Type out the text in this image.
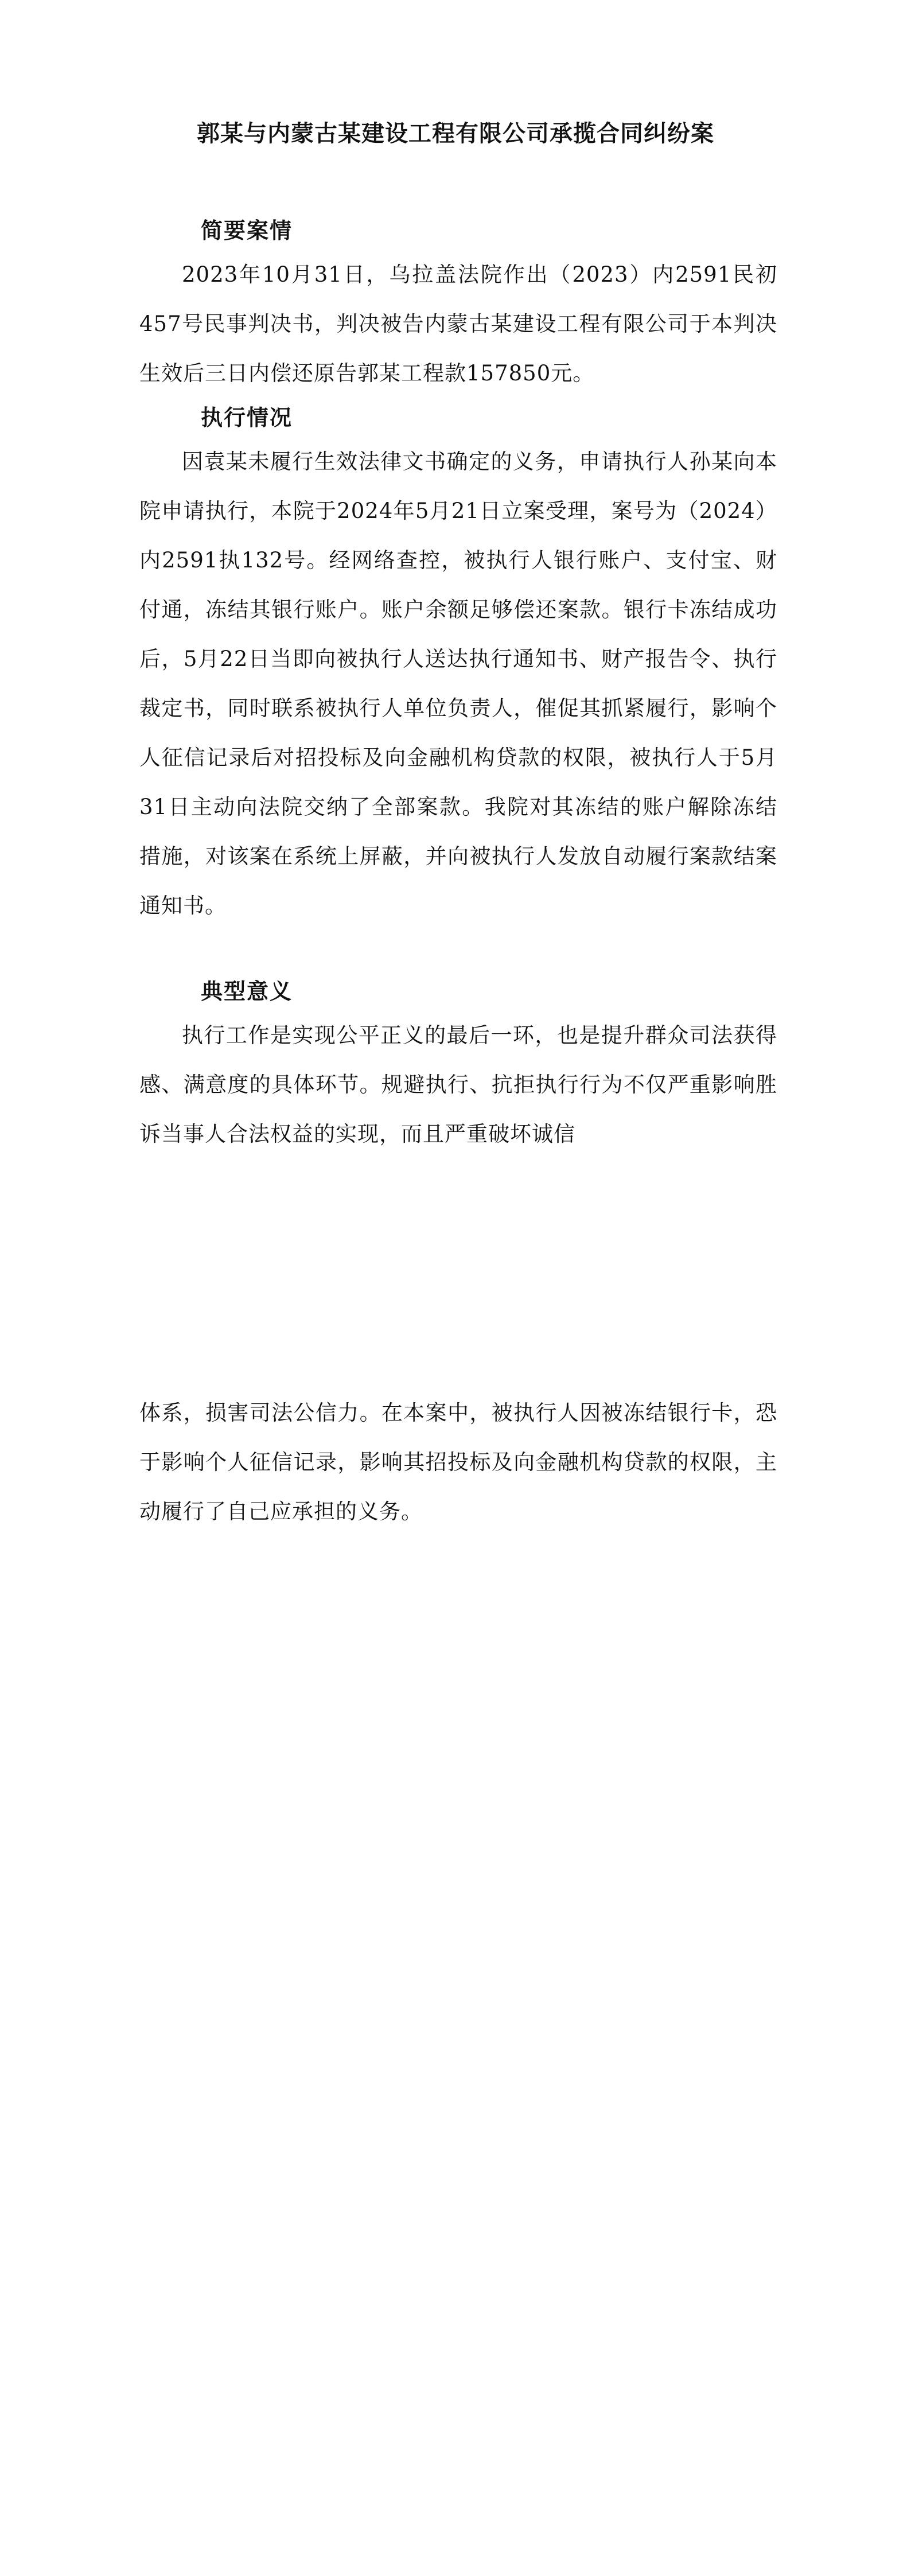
郭某与内蒙古某建设工程有限公司承揽合同纠纷案
简要案情
2023年10月31日，乌拉盖法院作出（2023）内2591民初457号民事判决书，判决被告内蒙古某建设工程有限公司于本判决生效后三日内偿还原告郭某工程款157850元。
执行情况
因袁某未履行生效法律文书确定的义务，申请执行人孙某向本院申请执行，本院于2024年5月21日立案受理，案号为（2024）内2591执132号。经网络查控，被执行人银行账户、支付宝、财付通，冻结其银行账户。账户余额足够偿还案款。银行卡冻结成功后，5月22日当即向被执行人送达执行通知书、财产报告令、执行裁定书，同时联系被执行人单位负责人，催促其抓紧履行，影响个人征信记录后对招投标及向金融机构贷款的权限，被执行人于5月31日主动向法院交纳了全部案款。我院对其冻结的账户解除冻结措施，对该案在系统上屏蔽，并向被执行人发放自动履行案款结案通知书。
典型意义
执行工作是实现公平正义的最后一环，也是提升群众司法获得感、满意度的具体环节。规避执行、抗拒执行行为不仅严重影响胜诉当事人合法权益的实现，而且严重破坏诚信
体系，损害司法公信力。在本案中，被执行人因被冻结银行卡，恐于影响个人征信记录，影响其招投标及向金融机构贷款的权限，主动履行了自己应承担的义务。
